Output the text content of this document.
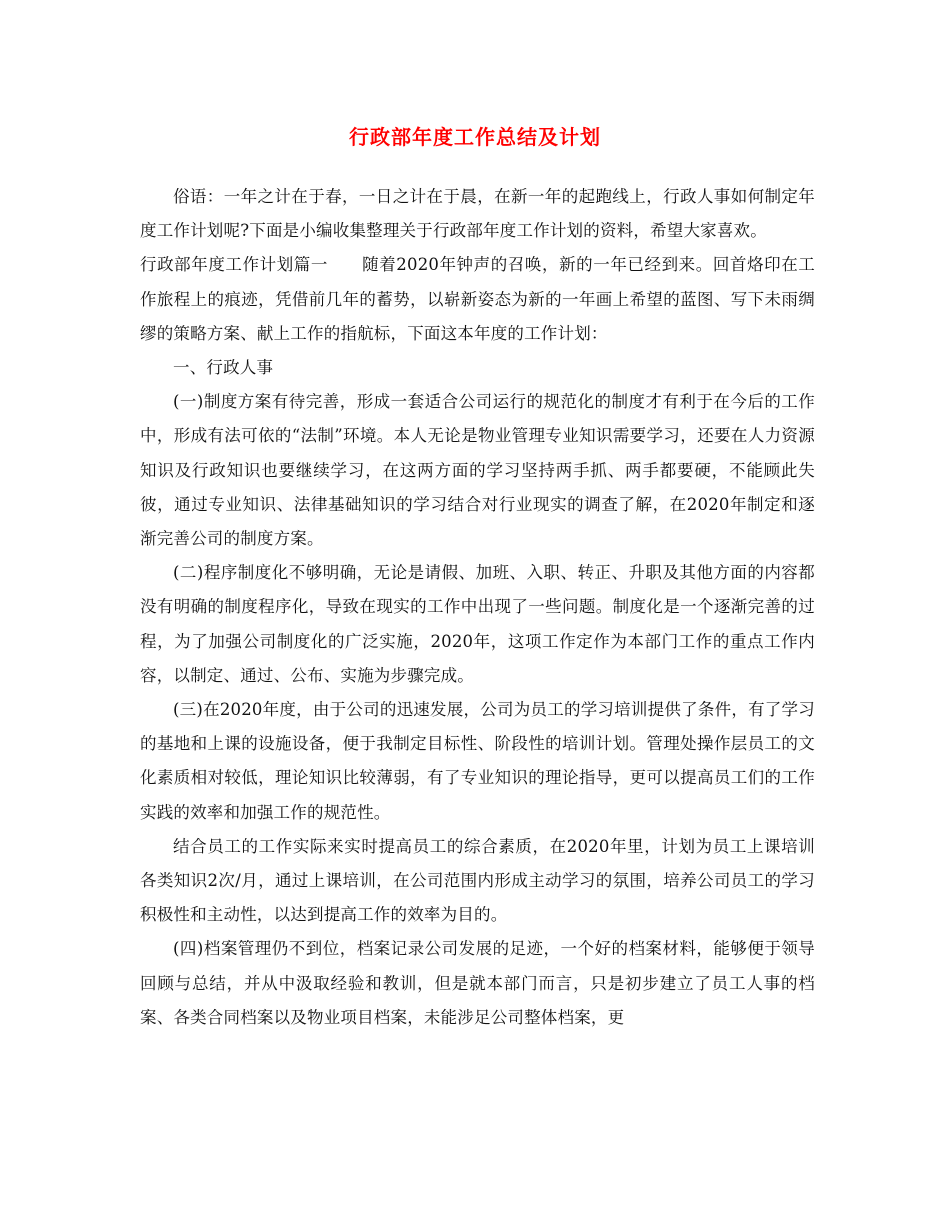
行政部年度工作总结及计划

俗语：一年之计在于春，一日之计在于晨，在新一年的起跑线上，行政人事如何制定年度工作计划呢?下面是小编收集整理关于行政部年度工作计划的资料，希望大家喜欢。

行政部年度工作计划篇一　　随着2020年钟声的召唤，新的一年已经到来。回首烙印在工作旅程上的痕迹，凭借前几年的蓄势，以崭新姿态为新的一年画上希望的蓝图、写下未雨绸缪的策略方案、献上工作的指航标，下面这本年度的工作计划：

一、行政人事

(一)制度方案有待完善，形成一套适合公司运行的规范化的制度才有利于在今后的工作中，形成有法可依的“法制”环境。本人无论是物业管理专业知识需要学习，还要在人力资源知识及行政知识也要继续学习，在这两方面的学习坚持两手抓、两手都要硬，不能顾此失彼，通过专业知识、法律基础知识的学习结合对行业现实的调查了解，在2020年制定和逐渐完善公司的制度方案。

(二)程序制度化不够明确，无论是请假、加班、入职、转正、升职及其他方面的内容都没有明确的制度程序化，导致在现实的工作中出现了一些问题。制度化是一个逐渐完善的过程，为了加强公司制度化的广泛实施，2020年，这项工作定作为本部门工作的重点工作内容，以制定、通过、公布、实施为步骤完成。

(三)在2020年度，由于公司的迅速发展，公司为员工的学习培训提供了条件，有了学习的基地和上课的设施设备，便于我制定目标性、阶段性的培训计划。管理处操作层员工的文化素质相对较低，理论知识比较薄弱，有了专业知识的理论指导，更可以提高员工们的工作实践的效率和加强工作的规范性。

结合员工的工作实际来实时提高员工的综合素质，在2020年里，计划为员工上课培训各类知识2次/月，通过上课培训，在公司范围内形成主动学习的氛围，培养公司员工的学习积极性和主动性，以达到提高工作的效率为目的。

(四)档案管理仍不到位，档案记录公司发展的足迹，一个好的档案材料，能够便于领导回顾与总结，并从中汲取经验和教训，但是就本部门而言，只是初步建立了员工人事的档案、各类合同档案以及物业项目档案，未能涉足公司整体档案，更
